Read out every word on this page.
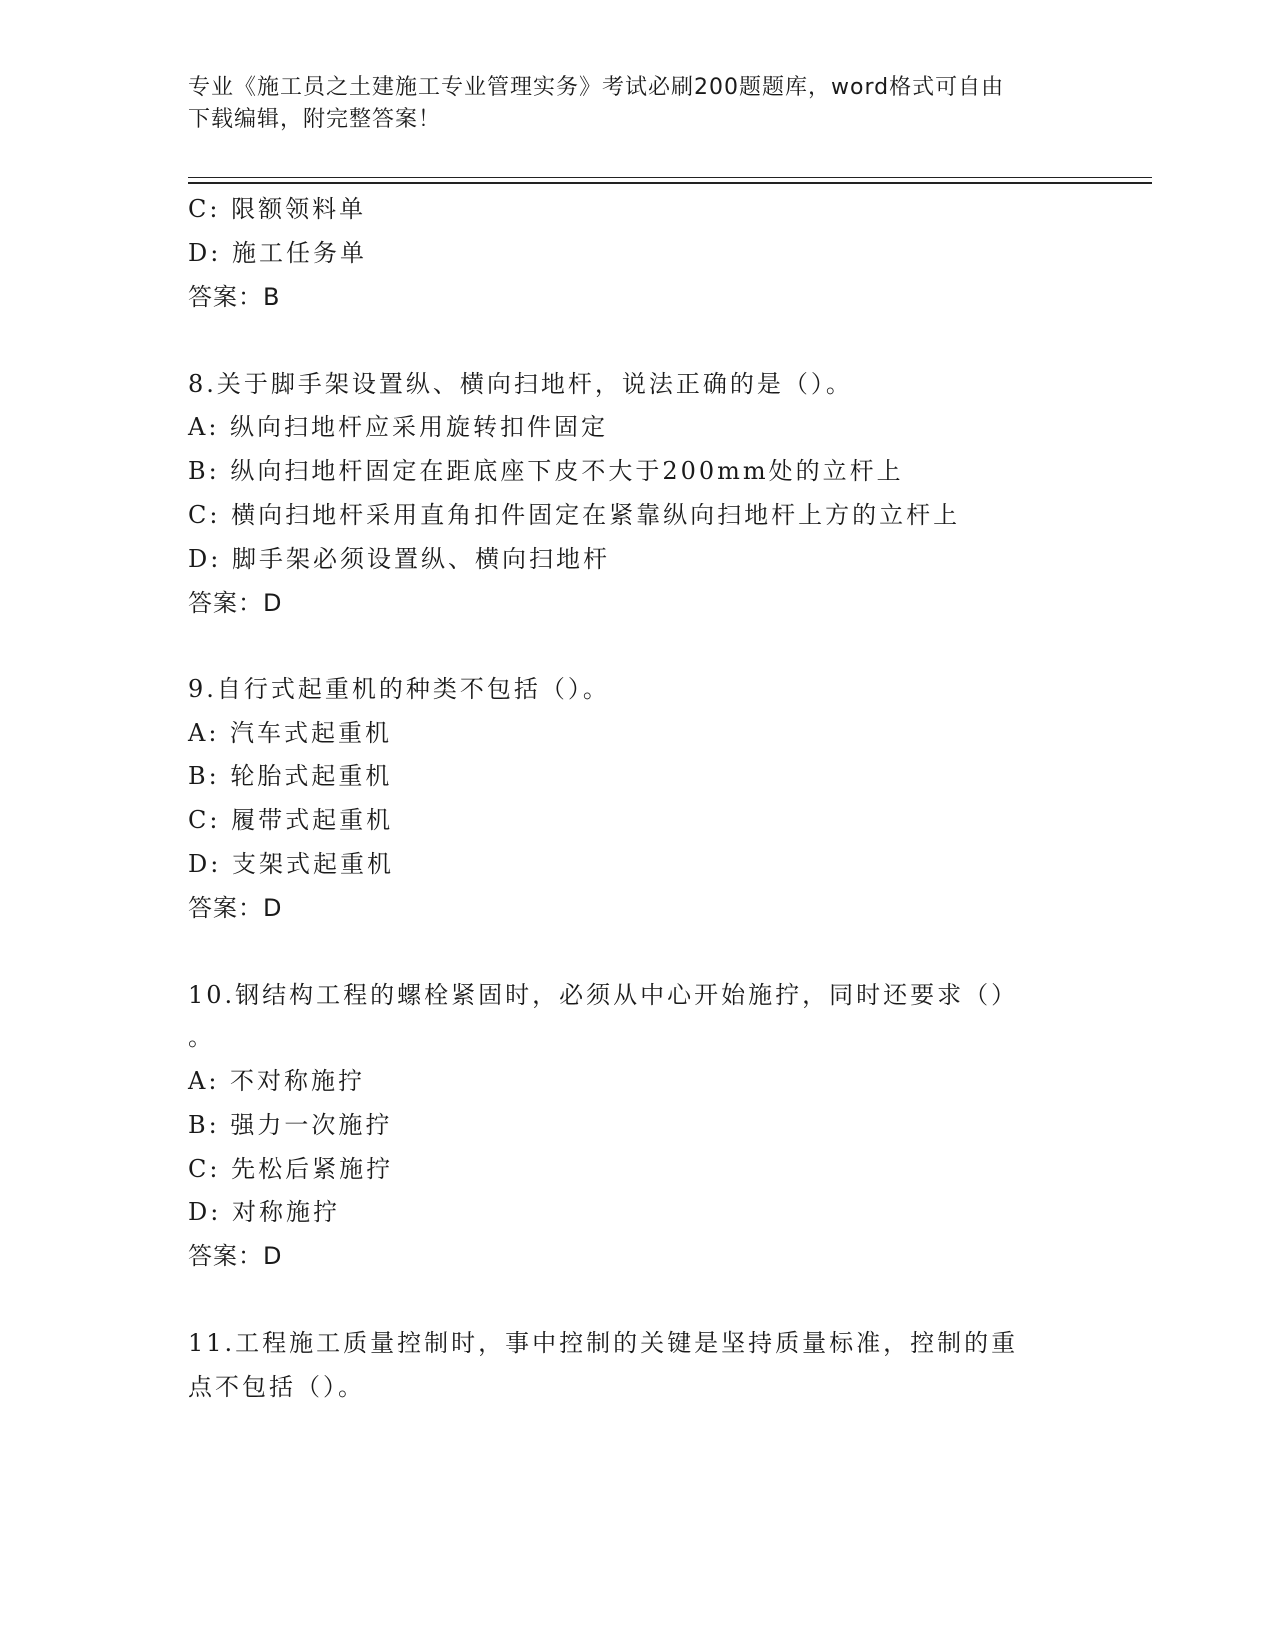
专业《施工员之土建施工专业管理实务》考试必刷200题题库，word格式可自由
下载编辑，附完整答案！
C: 限额领料单
D: 施工任务单
答案：B
8.关于脚手架设置纵、横向扫地杆，说法正确的是（）。
A: 纵向扫地杆应采用旋转扣件固定
B: 纵向扫地杆固定在距底座下皮不大于200mm处的立杆上
C: 横向扫地杆采用直角扣件固定在紧靠纵向扫地杆上方的立杆上
D: 脚手架必须设置纵、横向扫地杆
答案：D
9.自行式起重机的种类不包括（）。
A: 汽车式起重机
B: 轮胎式起重机
C: 履带式起重机
D: 支架式起重机
答案：D
10.钢结构工程的螺栓紧固时，必须从中心开始施拧，同时还要求（）
。
A: 不对称施拧
B: 强力一次施拧
C: 先松后紧施拧
D: 对称施拧
答案：D
11.工程施工质量控制时，事中控制的关键是坚持质量标准，控制的重
点不包括（）。
